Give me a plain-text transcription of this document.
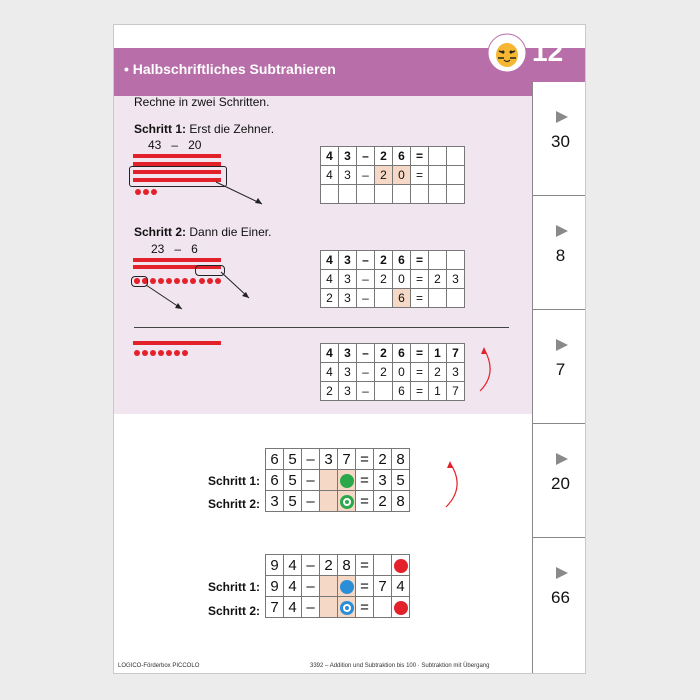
• Halbschriftliches Subtrahieren
12
30
8
7
20
66
Rechne in zwei Schritten.
Schritt 1: Erst die Zehner.
43 – 20
4	3	–	2	6	=		
4	3	–	2	0	=		

Schritt 2: Dann die Einer.
23 – 6
4	3	–	2	6	=		
4	3	–	2	0	=	2	3
2	3	–		6	=		
4	3	–	2	6	=	1	7
4	3	–	2	0	=	2	3
2	3	–		6	=	1	7
Schritt 1:
Schritt 2:
6	5	–	3	7	=	2	8
6	5	–			=	3	5
3	5	–			=	2	8
Schritt 1:
Schritt 2:
9	4	–	2	8	=		
9	4	–			=	7	4
7	4	–			=		
LOGICO-Förderbox PICCOLO	3392 – Addition und Subtraktion bis 100 · Subtraktion mit Übergang
